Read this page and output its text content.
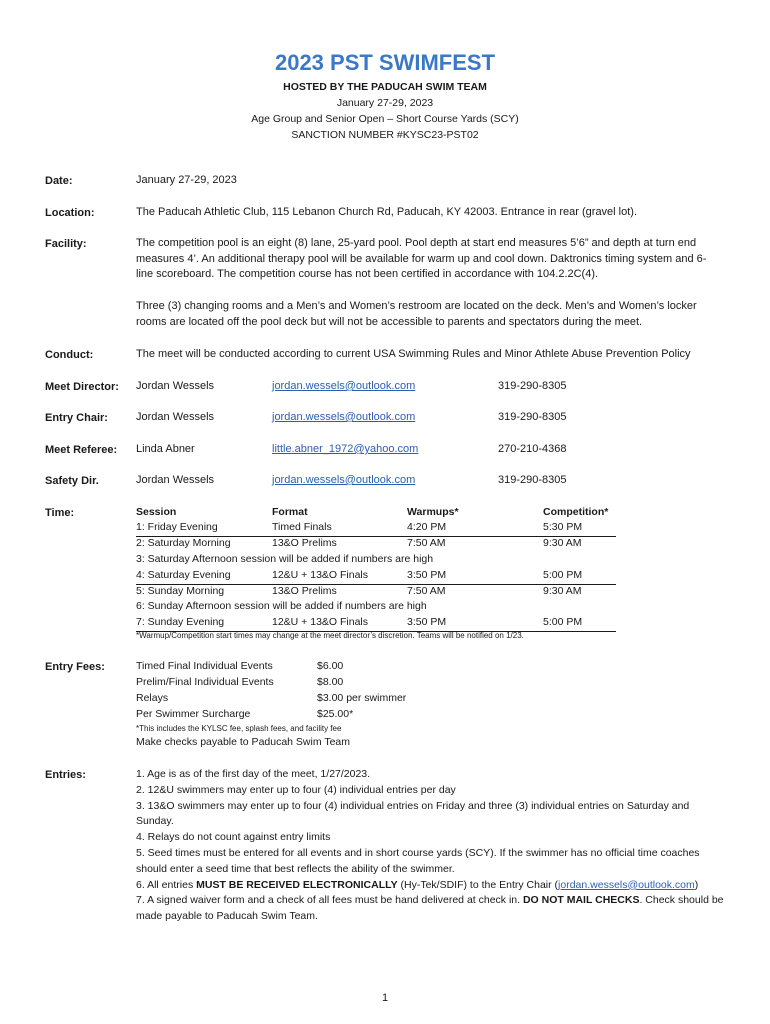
2023 PST SWIMFEST
HOSTED BY THE PADUCAH SWIM TEAM
January 27-29, 2023
Age Group and Senior Open – Short Course Yards (SCY)
SANCTION NUMBER #KYSC23-PST02
Date:	January 27-29, 2023
Location:	The Paducah Athletic Club, 115 Lebanon Church Rd, Paducah, KY 42003. Entrance in rear (gravel lot).
Facility:	The competition pool is an eight (8) lane, 25-yard pool. Pool depth at start end measures 5’6” and depth at turn end measures 4’. An additional therapy pool will be available for warm up and cool down. Daktronics timing system and 6-line scoreboard. The competition course has not been certified in accordance with 104.2.2C(4).
Three (3) changing rooms and a Men’s and Women’s restroom are located on the deck. Men’s and Women’s locker rooms are located off the pool deck but will not be accessible to parents and spectators during the meet.
Conduct:	The meet will be conducted according to current USA Swimming Rules and Minor Athlete Abuse Prevention Policy
Meet Director: Jordan Wessels	jordan.wessels@outlook.com	319-290-8305
Entry Chair:	Jordan Wessels	jordan.wessels@outlook.com	319-290-8305
Meet Referee: Linda Abner	little.abner_1972@yahoo.com	270-210-4368
Safety Dir.	Jordan Wessels	jordan.wessels@outlook.com	319-290-8305
Time:	Session	Format	Warmups*	Competition*
1: Friday Evening	Timed Finals	4:20 PM	5:30 PM
2: Saturday Morning	13&O Prelims	7:50 AM	9:30 AM
3: Saturday Afternoon session will be added if numbers are high
4: Saturday Evening	12&U + 13&O Finals	3:50 PM	5:00 PM
5: Sunday Morning	13&O Prelims	7:50 AM	9:30 AM
6: Sunday Afternoon session will be added if numbers are high
7: Sunday Evening	12&U + 13&O Finals	3:50 PM	5:00 PM
*Warmup/Competition start times may change at the meet director’s discretion. Teams will be notified on 1/23.
Entry Fees:	Timed Final Individual Events	$6.00
Prelim/Final Individual Events	$8.00
Relays	$3.00 per swimmer
Per Swimmer Surcharge	$25.00*
*This includes the KYLSC fee, splash fees, and facility fee
Make checks payable to Paducah Swim Team
Entries:	1. Age is as of the first day of the meet, 1/27/2023.

2. 12&U swimmers may enter up to four (4) individual entries per day

3. 13&O swimmers may enter up to four (4) individual entries on Friday and three (3) individual entries on Saturday and Sunday.

4. Relays do not count against entry limits

5. Seed times must be entered for all events and in short course yards (SCY). If the swimmer has no official time coaches should enter a seed time that best reflects the ability of the swimmer.

6. All entries MUST BE RECEIVED ELECTRONICALLY (Hy-Tek/SDIF) to the Entry Chair (jordan.wessels@outlook.com)

7. A signed waiver form and a check of all fees must be hand delivered at check in. DO NOT MAIL CHECKS. Check should be made payable to Paducah Swim Team.

1
